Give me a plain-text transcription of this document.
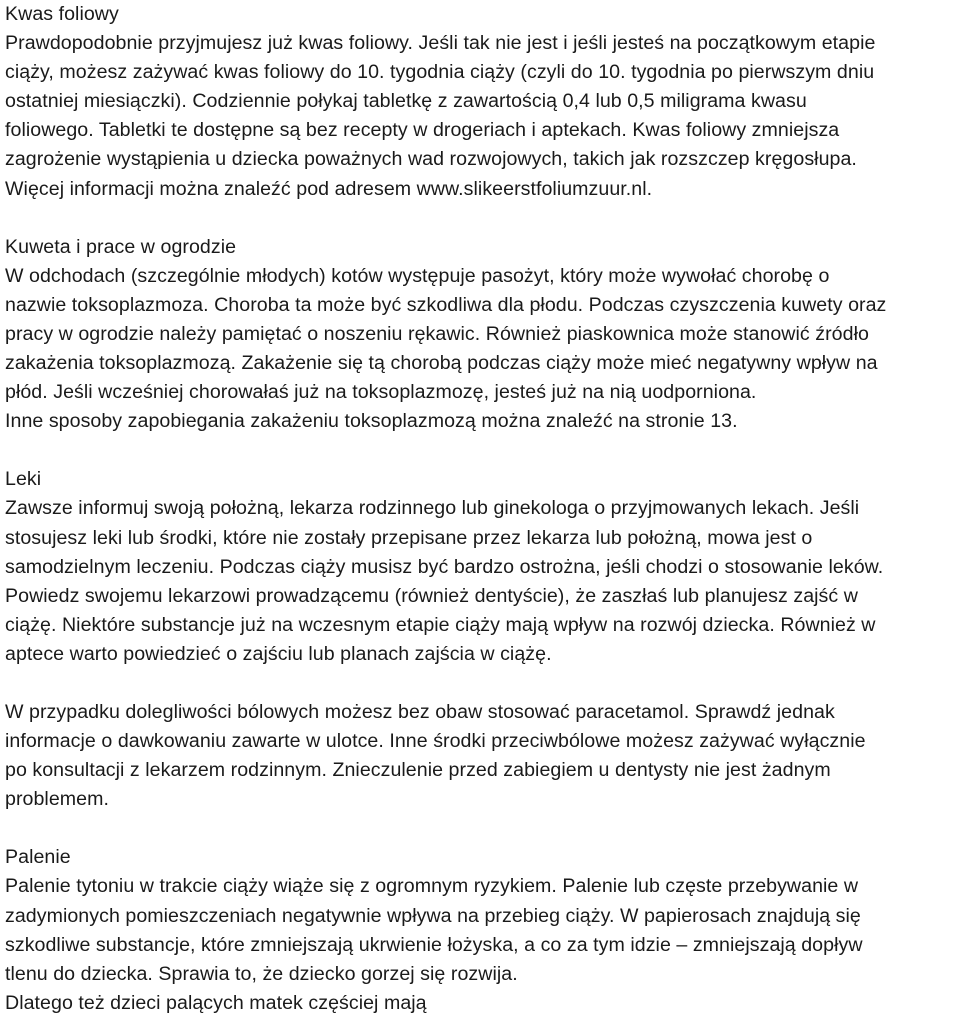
Kwas foliowy
Prawdopodobnie przyjmujesz już kwas foliowy. Jeśli tak nie jest i jeśli jesteś na początkowym etapie
ciąży, możesz zażywać kwas foliowy do 10. tygodnia ciąży (czyli do 10. tygodnia po pierwszym dniu
ostatniej miesiączki). Codziennie połykaj tabletkę z zawartością 0,4 lub 0,5 miligrama kwasu
foliowego. Tabletki te dostępne są bez recepty w drogeriach i aptekach. Kwas foliowy zmniejsza
zagrożenie wystąpienia u dziecka poważnych wad rozwojowych, takich jak rozszczep kręgosłupa.
Więcej informacji można znaleźć pod adresem www.slikeerstfoliumzuur.nl.
Kuweta i prace w ogrodzie
W odchodach (szczególnie młodych) kotów występuje pasożyt, który może wywołać chorobę o
nazwie toksoplazmoza. Choroba ta może być szkodliwa dla płodu. Podczas czyszczenia kuwety oraz
pracy w ogrodzie należy pamiętać o noszeniu rękawic. Również piaskownica może stanowić źródło
zakażenia toksoplazmozą. Zakażenie się tą chorobą podczas ciąży może mieć negatywny wpływ na
płód. Jeśli wcześniej chorowałaś już na toksoplazmozę, jesteś już na nią uodporniona.
Inne sposoby zapobiegania zakażeniu toksoplazmozą można znaleźć na stronie 13.
Leki
Zawsze informuj swoją położną, lekarza rodzinnego lub ginekologa o przyjmowanych lekach. Jeśli
stosujesz leki lub środki, które nie zostały przepisane przez lekarza lub położną, mowa jest o
samodzielnym leczeniu. Podczas ciąży musisz być bardzo ostrożna, jeśli chodzi o stosowanie leków.
Powiedz swojemu lekarzowi prowadzącemu (również dentyście), że zaszłaś lub planujesz zajść w
ciążę. Niektóre substancje już na wczesnym etapie ciąży mają wpływ na rozwój dziecka. Również w
aptece warto powiedzieć o zajściu lub planach zajścia w ciążę.
W przypadku dolegliwości bólowych możesz bez obaw stosować paracetamol. Sprawdź jednak
informacje o dawkowaniu zawarte w ulotce. Inne środki przeciwbólowe możesz zażywać wyłącznie
po konsultacji z lekarzem rodzinnym. Znieczulenie przed zabiegiem u dentysty nie jest żadnym
problemem.
Palenie
Palenie tytoniu w trakcie ciąży wiąże się z ogromnym ryzykiem. Palenie lub częste przebywanie w
zadymionych pomieszczeniach negatywnie wpływa na przebieg ciąży. W papierosach znajdują się
szkodliwe substancje, które zmniejszają ukrwienie łożyska, a co za tym idzie – zmniejszają dopływ
tlenu do dziecka. Sprawia to, że dziecko gorzej się rozwija.
Dlatego też dzieci palących matek częściej mają
